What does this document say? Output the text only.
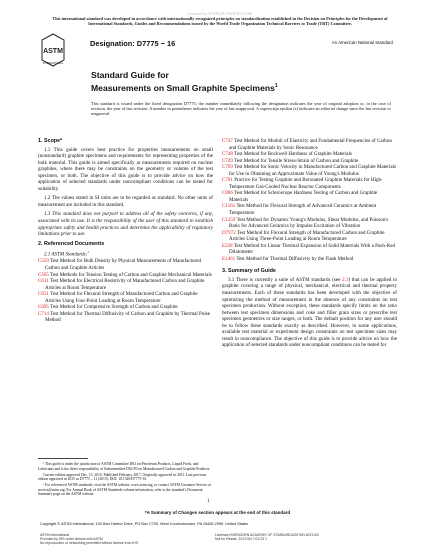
Licensed by WWW.DUOWENCI.COM
This international standard was developed in accordance with internationally recognized principles on standardization established in the Decision on Principles for the Development of International Standards, Guides and Recommendations issued by the World Trade Organization Technical Barriers to Trade (TBT) Committee.
ASTM
INTERNATIONAL
Designation: D7775 − 16	An American National Standard
Standard Guide for
Measurements on Small Graphite Specimens$^1$
This standard is issued under the fixed designation D7775; the number immediately following the designation indicates the year of original adoption or, in the case of revision, the year of last revision. A number in parentheses indicates the year of last reapproval. A superscript epsilon (ε) indicates an editorial change since the last revision or reapproval.
1. Scope*

1.1 This guide covers best practice for properties measurements on small (nonstandard) graphite specimens and requirements for representing properties of the bulk material. This guide is aimed specifically at measurements required on nuclear graphites, where there may be constraints on the geometry or volume of the test specimen, or both. The objective of this guide is to provide advice on how the application of selected standards under noncompliant conditions can be tested for suitability.

1.2 The values stated in SI units are to be regarded as standard. No other units of measurement are included in this standard.

1.3 This standard does not purport to address all of the safety concerns, if any, associated with its use. It is the responsibility of the user of this standard to establish appropriate safety and health practices and determine the applicability of regulatory limitations prior to use.

2. Referenced Documents

2.1 ASTM Standards:$^2$

C559 Test Method for Bulk Density by Physical Measurements of Manufactured Carbon and Graphite Articles

C565 Test Methods for Tension Testing of Carbon and Graphite Mechanical Materials

C611 Test Method for Electrical Resistivity of Manufactured Carbon and Graphite Articles at Room Temperature

C651 Test Method for Flexural Strength of Manufactured Carbon and Graphite Articles Using Four-Point Loading at Room Temperature

C695 Test Method for Compressive Strength of Carbon and Graphite

C714 Test Method for Thermal Diffusivity of Carbon and Graphite by Thermal Pulse Method

¹ This guide is under the jurisdiction of ASTM Committee D02 on Petroleum Products, Liquid Fuels, and Lubricants and is the direct responsibility of Subcommittee D02.F0 on Manufactured Carbon and Graphite Products.

Current edition approved Dec. 15, 2016. Published February 2017. Originally approved in 2011. Last previous edition approved in 2015 as D7775 – 11 (2015). DOI: 10.1520/D7775-16.

² For referenced ASTM standards, visit the ASTM website, www.astm.org, or contact ASTM Customer Service at service@astm.org. For Annual Book of ASTM Standards volume information, refer to the standard's Document Summary page on the ASTM website.

C747 Test Method for Moduli of Elasticity and Fundamental Frequencies of Carbon and Graphite Materials by Sonic Resonance

C748 Test Method for Rockwell Hardness of Graphite Materials

C749 Test Method for Tensile Stress-Strain of Carbon and Graphite

C769 Test Method for Sonic Velocity in Manufactured Carbon and Graphite Materials for Use in Obtaining an Approximate Value of Young's Modulus

C781 Practice for Testing Graphite and Boronated Graphite Materials for High-Temperature Gas-Cooled Nuclear Reactor Components

C886 Test Method for Scleroscope Hardness Testing of Carbon and Graphite Materials

C1161 Test Method for Flexural Strength of Advanced Ceramics at Ambient Temperature

C1259 Test Method for Dynamic Young's Modulus, Shear Modulus, and Poisson's Ratio for Advanced Ceramics by Impulse Excitation of Vibration

D7972 Test Method for Flexural Strength of Manufactured Carbon and Graphite Articles Using Three-Point Loading at Room Temperature

E228 Test Method for Linear Thermal Expansion of Solid Materials With a Push-Rod Dilatometer

E1461 Test Method for Thermal Diffusivity by the Flash Method

3. Summary of Guide

3.1 There is currently a suite of ASTM standards (see 2.1) that can be applied to graphite covering a range of physical, mechanical, electrical and thermal property measurements. Each of these standards has been developed with the objective of optimizing the method of measurement in the absence of any constraints on test specimen production. Without exception, these standards specify limits on the ratio between test specimen dimensions and coke and filler grain sizes or prescribe test specimen geometries or size ranges, or both. The default position for any user should be to follow these standards exactly as described. However, in some applications, available test material or experiment design constraints on test specimen sizes may result in noncompliance. The objective of this guide is to provide advice on how the application of selected standards under noncompliant conditions can be tested for

1
*A Summary of Changes section appears at the end of this standard
Copyright © ASTM International, 100 Barr Harbor Drive, PO Box C700, West Conshohocken, PA 19428-2959. United States
ASTM International
Provided by IHS under license with ASTM
No reproduction or networking permitted without license from IHS
Licensee=SHENZHEN ACADEMY OF STANDARDIZATION 6072100
Not for Resale, 2017/3/4 7:01:23 1
